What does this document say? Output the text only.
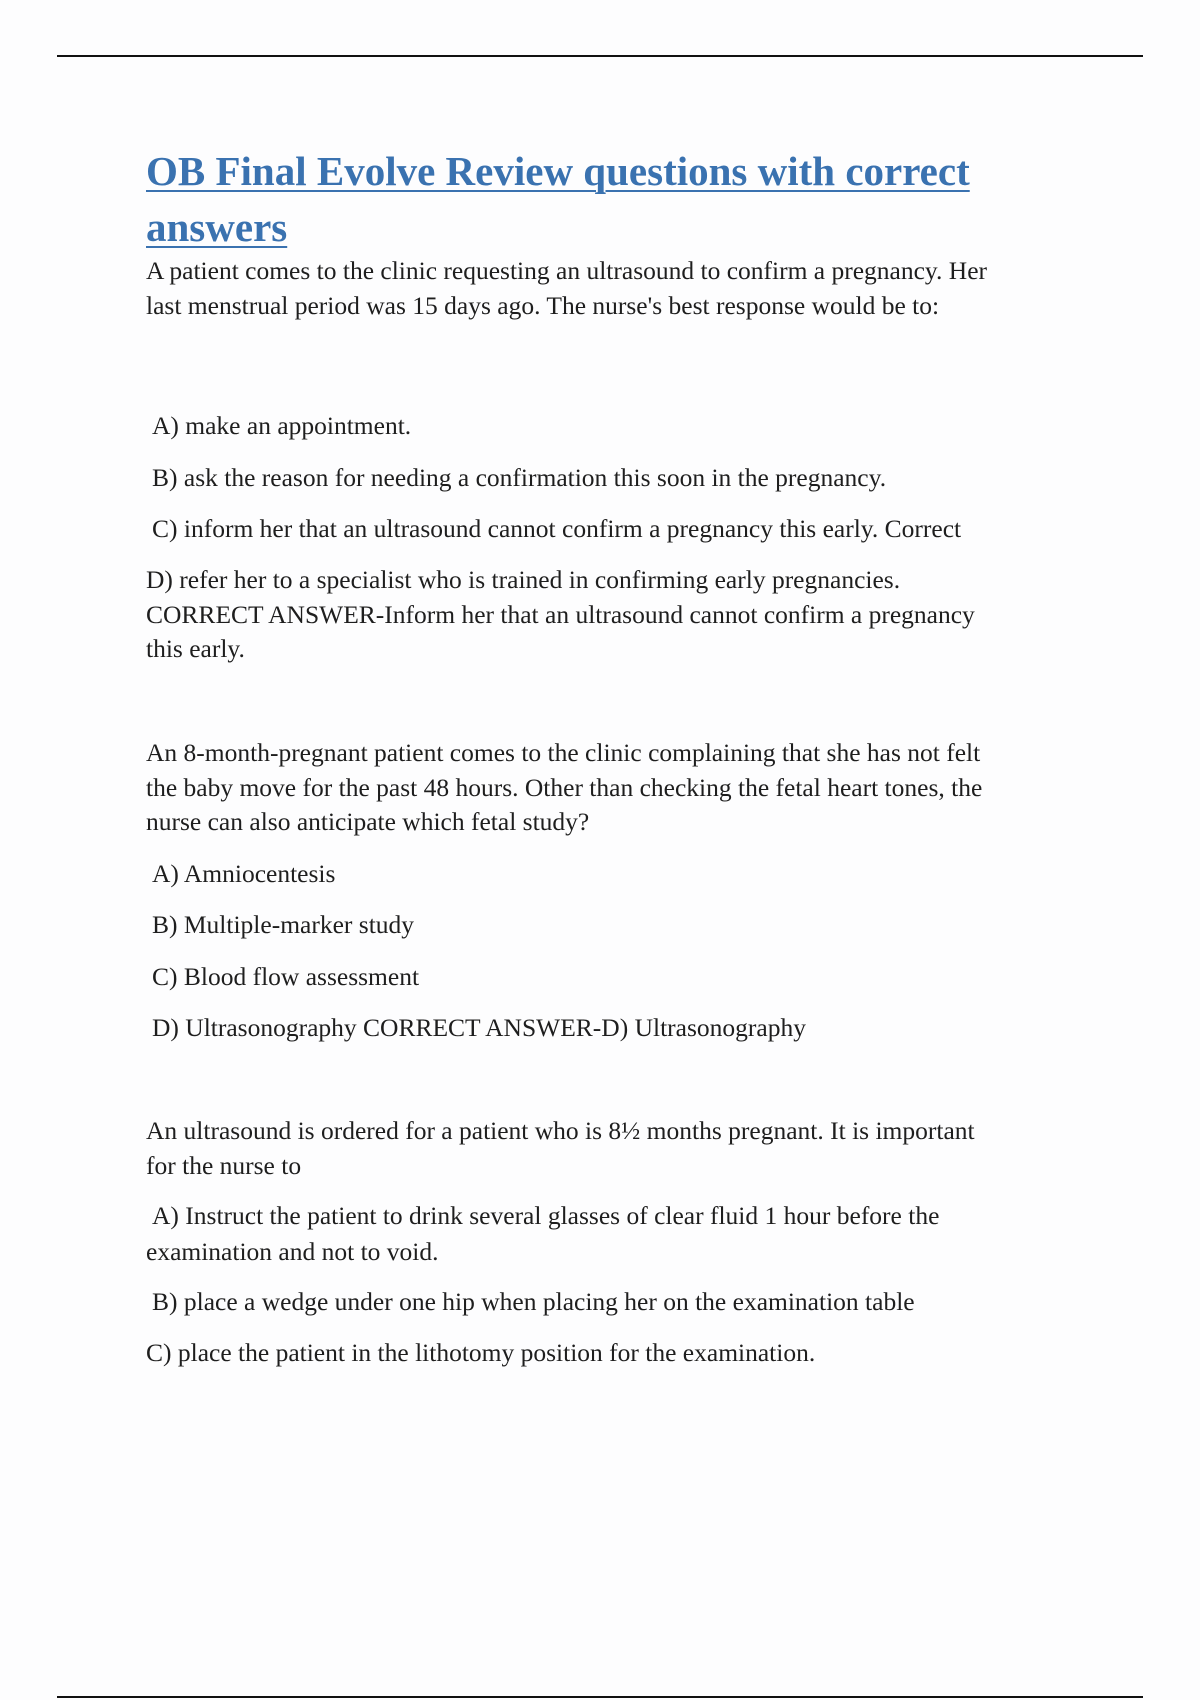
OB Final Evolve Review questions with correct answers

A patient comes to the clinic requesting an ultrasound to confirm a pregnancy. Her

last menstrual period was 15 days ago. The nurse's best response would be to:

A) make an appointment.

B) ask the reason for needing a confirmation this soon in the pregnancy.

C) inform her that an ultrasound cannot confirm a pregnancy this early. Correct

D) refer her to a specialist who is trained in confirming early pregnancies.

CORRECT ANSWER-Inform her that an ultrasound cannot confirm a pregnancy

this early.

An 8-month-pregnant patient comes to the clinic complaining that she has not felt

the baby move for the past 48 hours. Other than checking the fetal heart tones, the

nurse can also anticipate which fetal study?

A) Amniocentesis

B) Multiple-marker study

C) Blood flow assessment

D) Ultrasonography CORRECT ANSWER-D) Ultrasonography

An ultrasound is ordered for a patient who is 8½ months pregnant. It is important

for the nurse to

A) Instruct the patient to drink several glasses of clear fluid 1 hour before the

examination and not to void.

B) place a wedge under one hip when placing her on the examination table

C) place the patient in the lithotomy position for the examination.
